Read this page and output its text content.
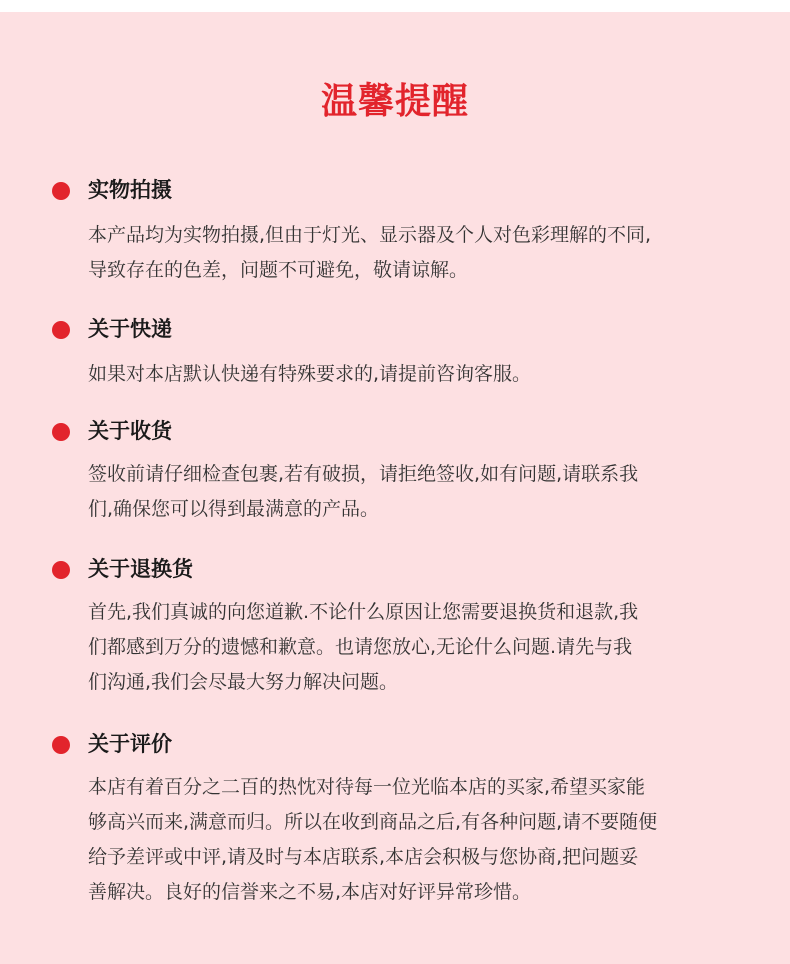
温馨提醒
实物拍摄
本产品均为实物拍摄,但由于灯光、显示器及个人对色彩理解的不同,
导致存在的色差，问题不可避免，敬请谅解。
关于快递
如果对本店默认快递有特殊要求的,请提前咨询客服。
关于收货
签收前请仔细检查包裹,若有破损，请拒绝签收,如有问题,请联系我
们,确保您可以得到最满意的产品。
关于退换货
首先,我们真诚的向您道歉.不论什么原因让您需要退换货和退款,我
们都感到万分的遗憾和歉意。也请您放心,无论什么问题.请先与我
们沟通,我们会尽最大努力解决问题。
关于评价
本店有着百分之二百的热忱对待每一位光临本店的买家,希望买家能
够高兴而来,满意而归。所以在收到商品之后,有各种问题,请不要随便
给予差评或中评,请及时与本店联系,本店会积极与您协商,把问题妥
善解决。良好的信誉来之不易,本店对好评异常珍惜。
